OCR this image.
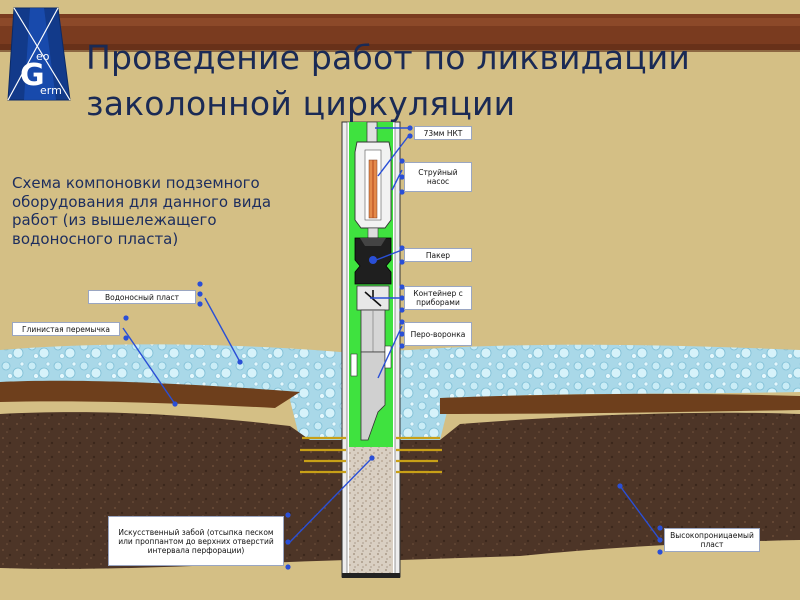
eo
G
erm
Проведение работ по ликвидации
заколонной циркуляции
Схема компоновки подземного оборудования для данного вида работ (из вышележащего водоносного пласта)
73мм НКТ
Струйный насос
Пакер
Контейнер с приборами
Перо-воронка
Водоносный пласт
Глинистая перемычка
Искусственный забой (отсыпка песком или проппантом до верхних отверстий интервала перфорации)
Высокопроницаемый пласт
